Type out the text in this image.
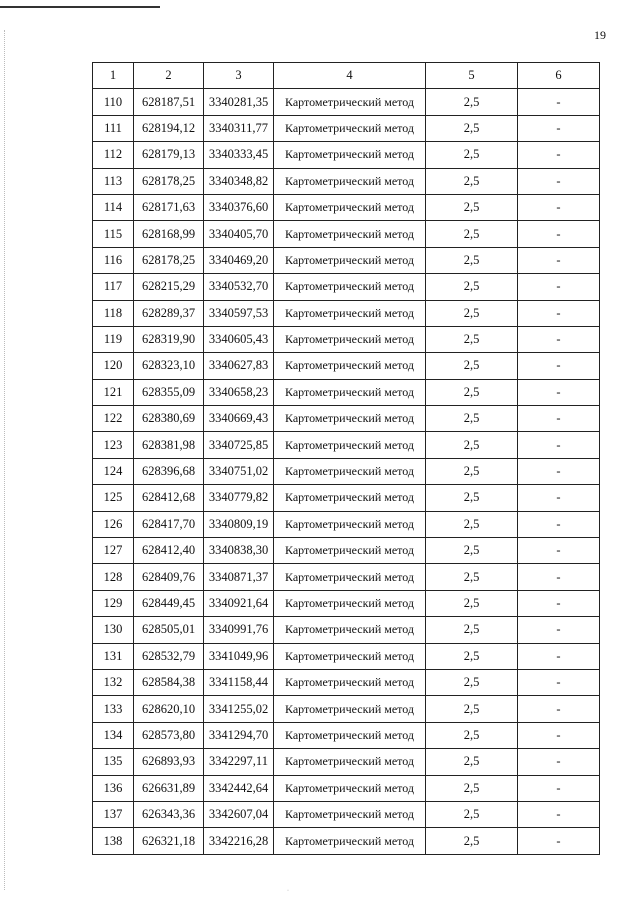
19
1	2	3	4	5	6
110	628187,51	3340281,35	Картометрический метод	2,5	-
111	628194,12	3340311,77	Картометрический метод	2,5	-
112	628179,13	3340333,45	Картометрический метод	2,5	-
113	628178,25	3340348,82	Картометрический метод	2,5	-
114	628171,63	3340376,60	Картометрический метод	2,5	-
115	628168,99	3340405,70	Картометрический метод	2,5	-
116	628178,25	3340469,20	Картометрический метод	2,5	-
117	628215,29	3340532,70	Картометрический метод	2,5	-
118	628289,37	3340597,53	Картометрический метод	2,5	-
119	628319,90	3340605,43	Картометрический метод	2,5	-
120	628323,10	3340627,83	Картометрический метод	2,5	-
121	628355,09	3340658,23	Картометрический метод	2,5	-
122	628380,69	3340669,43	Картометрический метод	2,5	-
123	628381,98	3340725,85	Картометрический метод	2,5	-
124	628396,68	3340751,02	Картометрический метод	2,5	-
125	628412,68	3340779,82	Картометрический метод	2,5	-
126	628417,70	3340809,19	Картометрический метод	2,5	-
127	628412,40	3340838,30	Картометрический метод	2,5	-
128	628409,76	3340871,37	Картометрический метод	2,5	-
129	628449,45	3340921,64	Картометрический метод	2,5	-
130	628505,01	3340991,76	Картометрический метод	2,5	-
131	628532,79	3341049,96	Картометрический метод	2,5	-
132	628584,38	3341158,44	Картометрический метод	2,5	-
133	628620,10	3341255,02	Картометрический метод	2,5	-
134	628573,80	3341294,70	Картометрический метод	2,5	-
135	626893,93	3342297,11	Картометрический метод	2,5	-
136	626631,89	3342442,64	Картометрический метод	2,5	-
137	626343,36	3342607,04	Картометрический метод	2,5	-
138	626321,18	3342216,28	Картометрический метод	2,5	-
·
